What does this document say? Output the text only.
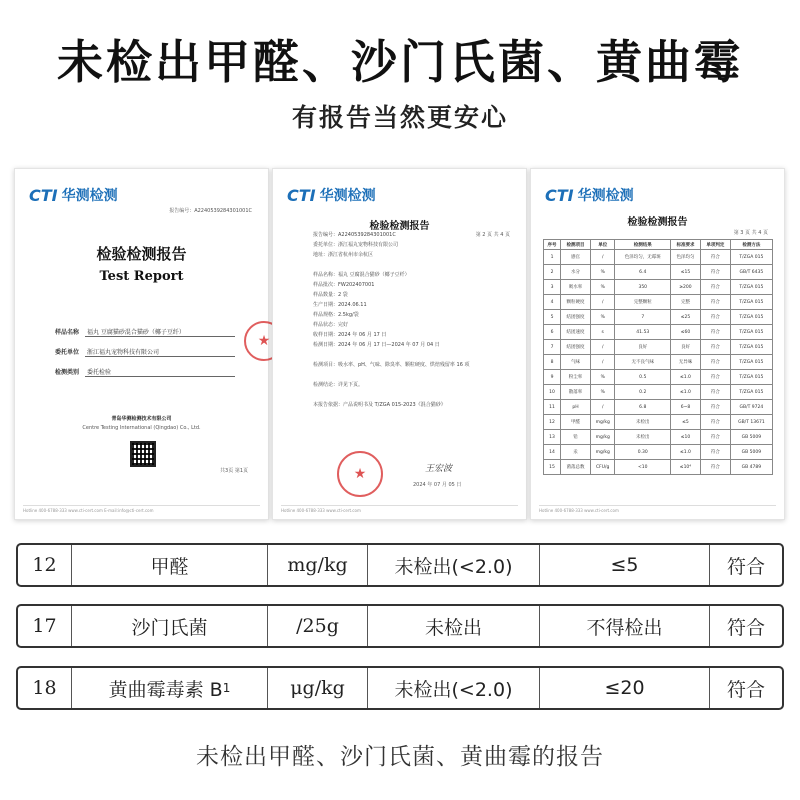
未检出甲醛、沙门氏菌、黄曲霉
有报告当然更安心
CTI 华测检测
报告编号：A2240539284301001C
检验检测报告
Test Report
样品名称	福丸 豆腐猫砂混合猫砂（椰子豆纤）
委托单位	浙江福丸宠物科技有限公司
检测类别	委托检验
青岛华测检测技术有限公司
Centre Testing International (Qingdao) Co., Ltd.
共3页 第1页
★
Hotline 400-6788-333 www.cti-cert.com E-mail:info@cti-cert.com
CTI 华测检测
检验检测报告
第 2 页 共 4 页
报告编号：A2240539284301001C
委托单位：浙江福丸宠物科技有限公司
地址：浙江省杭州市余杭区
样品名称：福丸 豆腐混合猫砂（椰子豆纤）
样品批次：FW202407001
样品数量：2 袋
生产日期：2024.06.11
样品规格：2.5kg/袋
样品状态：完好
收样日期：2024 年 06 月 17 日
检测日期：2024 年 06 月 17 日—2024 年 07 月 04 日
检测项目：吸水率、pH、气味、除臭率、颗粒硬度、烘焙残留率 16 项
检测结论：详见下页。
本报告依据：产品说明书及 T/ZGA 015-2023《混合猫砂》
★	王宏波
2024 年 07 月 05 日
Hotline 400-6788-333 www.cti-cert.com
CTI 华测检测
检验检测报告
第 3 页 共 4 页
序号	检测项目	单位	检测结果	标准要求	单项判定	检测方法
1	感官	/	色泽均匀，无霉斑	色泽均匀	符合	T/ZGA 015
2	水分	%	6.4	≤15	符合	GB/T 6435
3	吸水率	%	350	≥200	符合	T/ZGA 015
4	颗粒硬度	/	完整颗粒	完整	符合	T/ZGA 015
5	结团强度	%	7	≤25	符合	T/ZGA 015
6	结团速度	s	41.53	≤60	符合	T/ZGA 015
7	结团强度	/	良好	良好	符合	T/ZGA 015
8	气味	/	无不良气味	无异味	符合	T/ZGA 015
9	粉尘率	%	0.5	≤1.0	符合	T/ZGA 015
10	散落率	%	0.2	≤1.0	符合	T/ZGA 015
11	pH	/	6.8	6~8	符合	GB/T 9724
12	甲醛	mg/kg	未检出	≤5	符合	GB/T 13671
13	铅	mg/kg	未检出	≤10	符合	GB 5009
14	汞	mg/kg	0.30	≤1.0	符合	GB 5009
15	菌落总数	CFU/g	<10	≤10⁴	符合	GB 4789
Hotline 400-6788-333 www.cti-cert.com
12	甲醛	mg/kg	未检出(<2.0)	≤5	符合
17	沙门氏菌	/25g	未检出	不得检出	符合
18	黄曲霉毒素 B 1	μg/kg	未检出(<2.0)	≤20	符合
未检出甲醛、沙门氏菌、黄曲霉的报告
